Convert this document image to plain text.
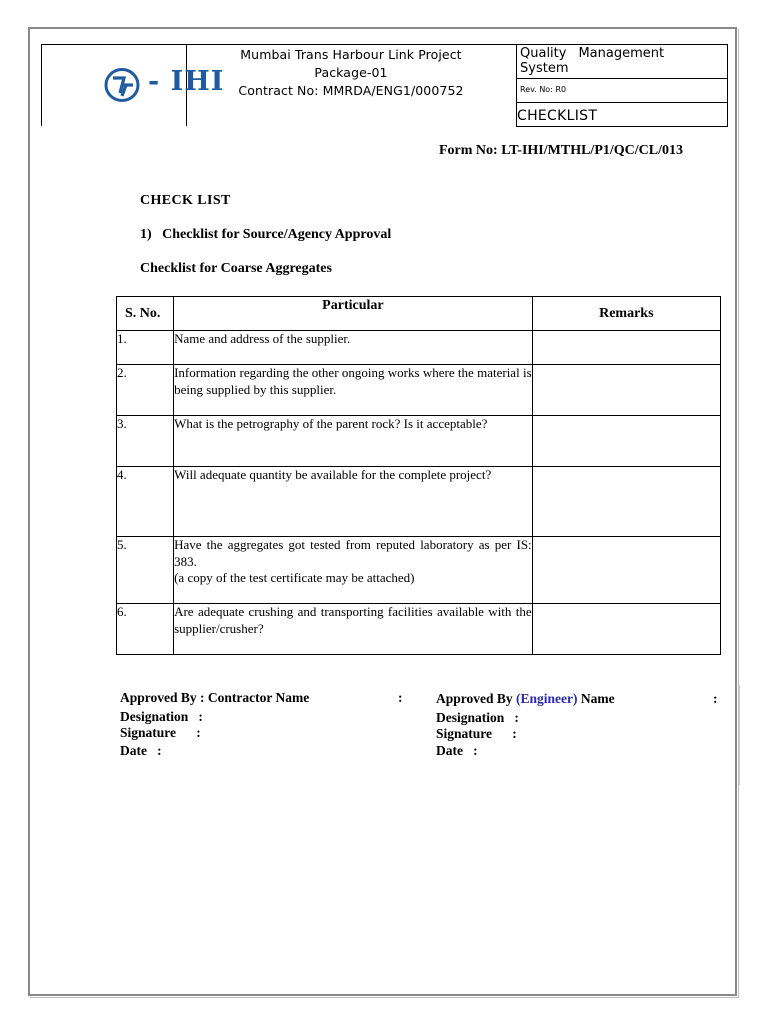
- IHI
Mumbai Trans Harbour Link Project
Package-01
Contract No: MMRDA/ENG1/000752
Quality Management
System
Rev. No: R0
CHECKLIST
Form No: LT-IHI/MTHL/P1/QC/CL/013
CHECK LIST
1)   Checklist for Source/Agency Approval
Checklist for Coarse Aggregates
S. No.	Particular	Remarks
1.	Name and address of the supplier.	
2.	Information regarding the other ongoing works where the material is being supplied by this supplier.	
3.	What is the petrography of the parent rock? Is it acceptable?	
4.	Will adequate quantity be available for the complete project?	
5.	Have the aggregates got tested from reputed laboratory as per IS: 383.
(a copy of the test certificate may be attached)	

6.	Are adequate crushing and transporting facilities available with the supplier/crusher?	
Approved By : Contractor Name	:
Designation   :
Signature      :
Date   :
Approved By (Engineer) Name	:
Designation   :
Signature      :
Date   :
